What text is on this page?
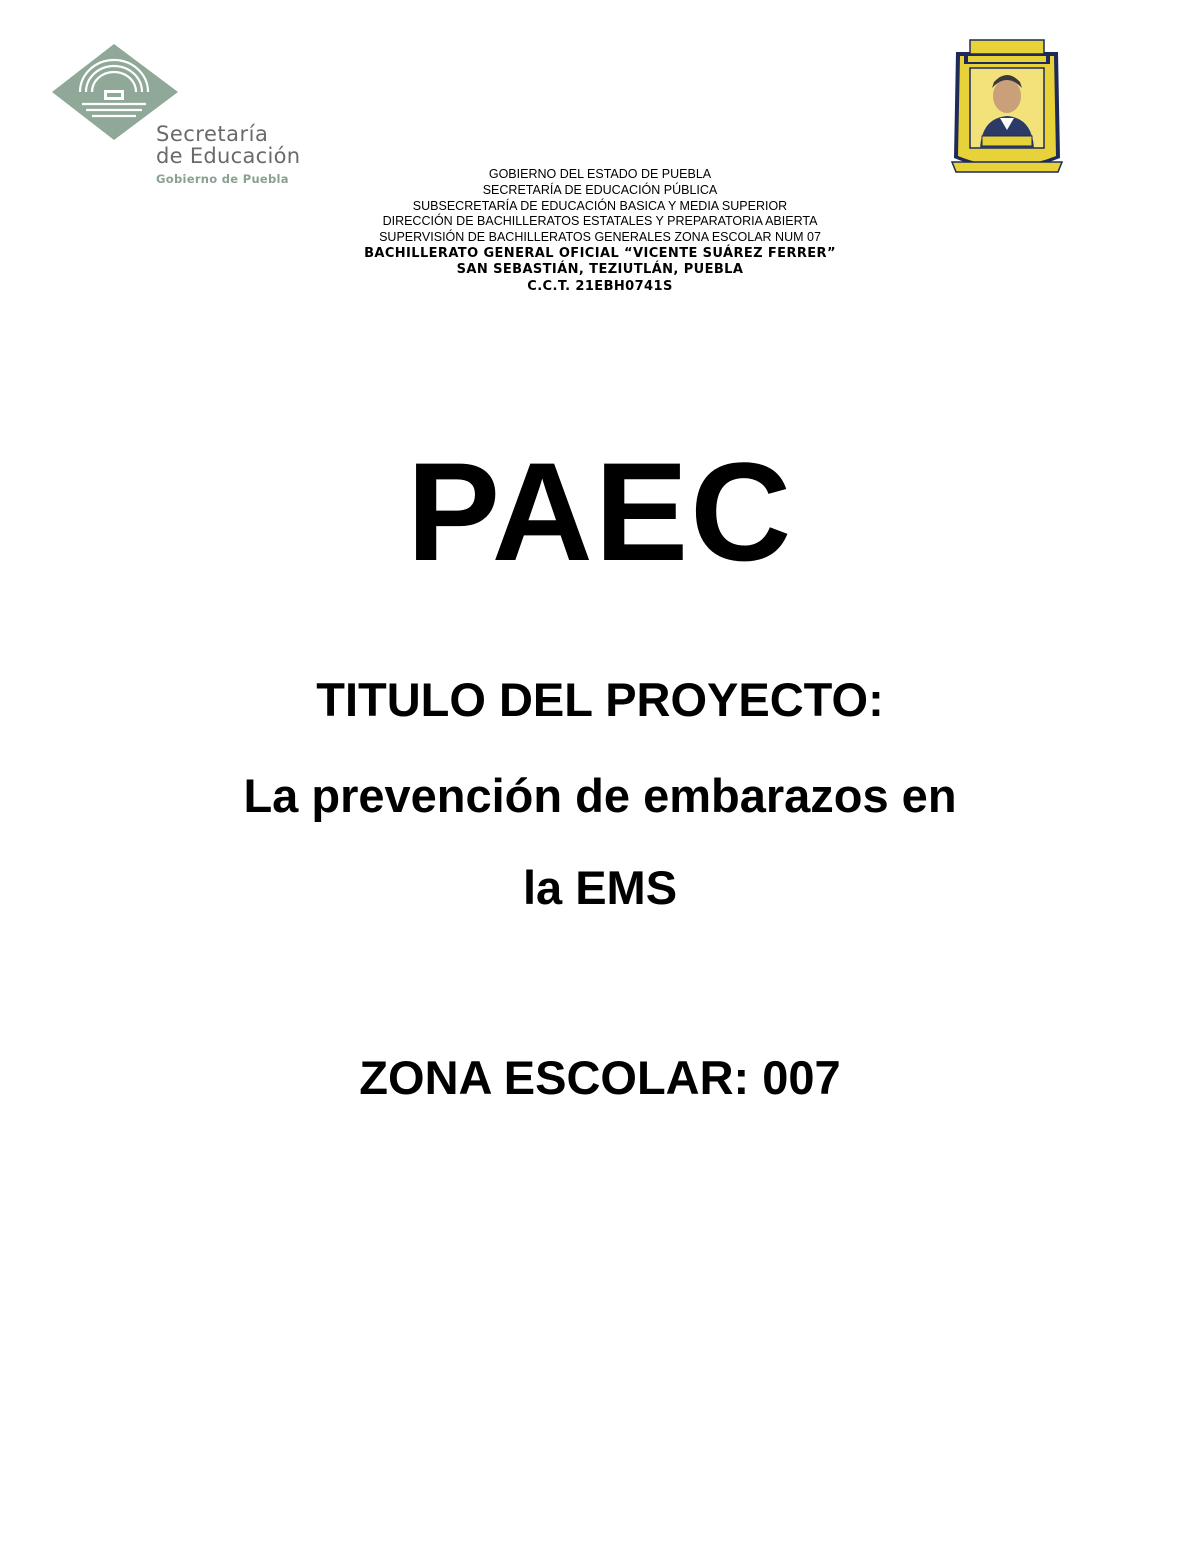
Secretaría
de Educación
Gobierno de Puebla	GOBIERNO DEL ESTADO DE PUEBLA
SECRETARÍA DE EDUCACIÓN PÚBLICA
SUBSECRETARÍA DE EDUCACIÓN BASICA Y MEDIA SUPERIOR
DIRECCIÓN DE BACHILLERATOS ESTATALES Y PREPARATORIA ABIERTA
SUPERVISIÓN DE BACHILLERATOS GENERALES ZONA ESCOLAR NUM 07
BACHILLERATO GENERAL OFICIAL “VICENTE SUÁREZ FERRER”
SAN SEBASTIÁN, TEZIUTLÁN, PUEBLA
C.C.T. 21EBH0741S
PAEC
TITULO DEL PROYECTO:
La prevención de embarazos en
la EMS
ZONA ESCOLAR: 007
